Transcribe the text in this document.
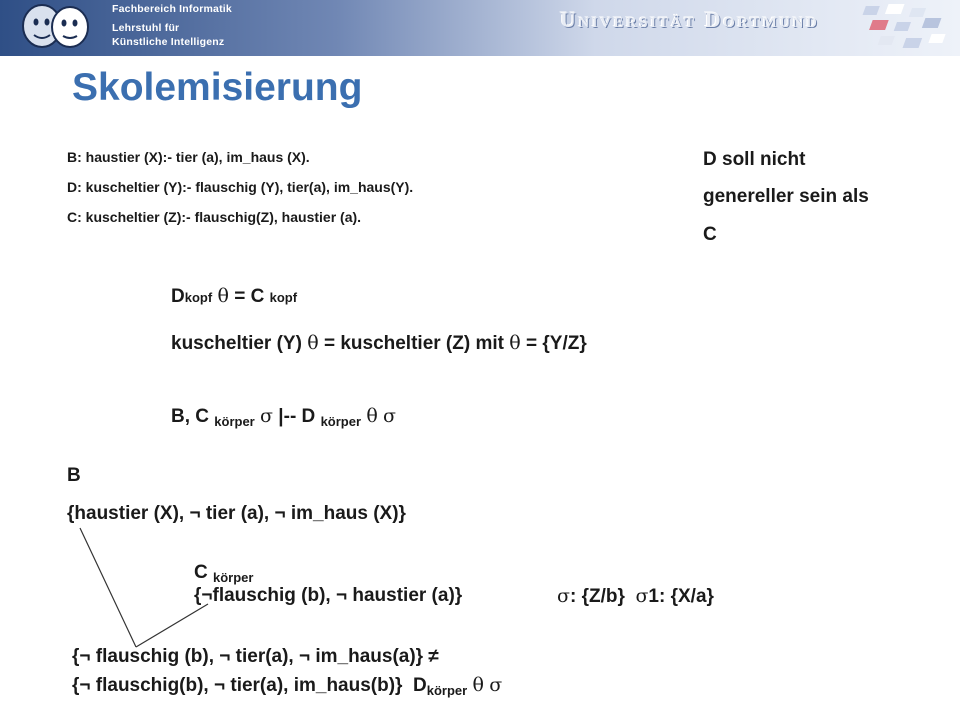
Fachbereich Informatik
Lehrstuhl für
Künstliche Intelligenz
Universität Dortmund
Skolemisierung
B: haustier (X):- tier (a), im_haus (X).
D: kuscheltier (Y):- flauschig (Y), tier(a), im_haus(Y).
C: kuscheltier (Z):- flauschig(Z), haustier (a).
D soll nicht
genereller sein als
C
Dkopf θ = C kopf
kuscheltier (Y) θ = kuscheltier (Z) mit θ = {Y/Z}
B, C $_{körper}$ σ |-- D $_{körper}$ θ σ
B
{haustier (X), ¬ tier (a), ¬ im_haus (X)}
C $_{körper}$
{¬flauschig (b), ¬ haustier (a)}	σ: {Z/b} σ1: {X/a}
{¬ flauschig (b), ¬ tier(a), ¬ im_haus(a)} ≠
{¬ flauschig(b), ¬ tier(a), im_haus(b)} $D_{körper}$ θ σ
